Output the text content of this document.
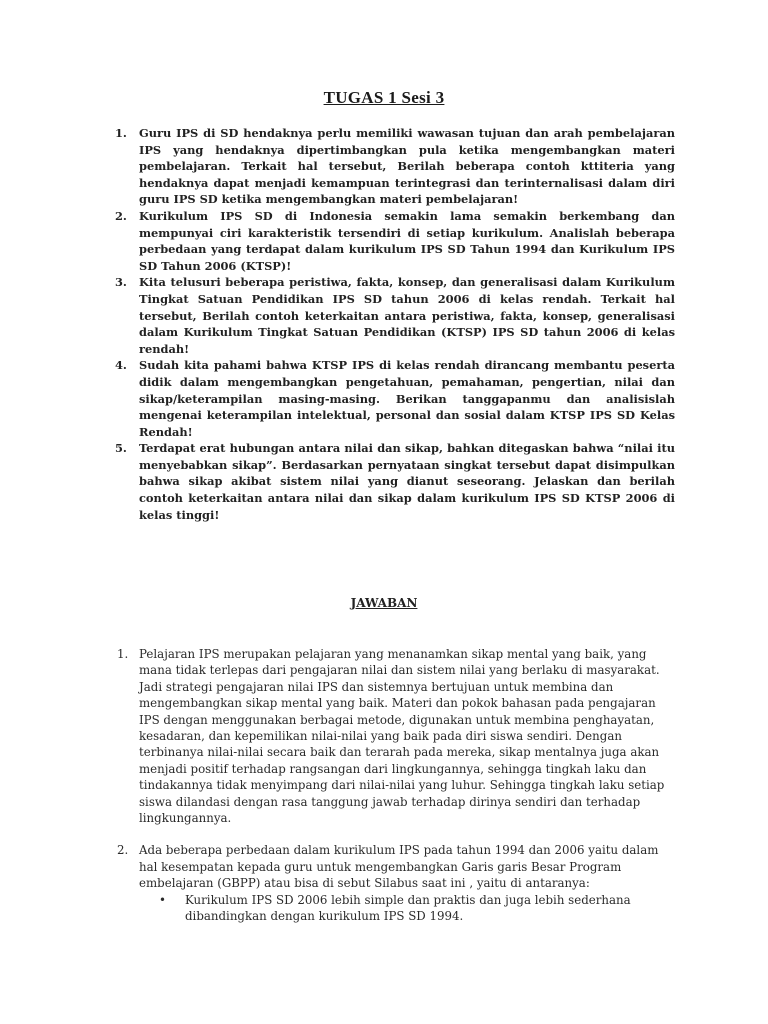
TUGAS 1 Sesi 3
1. Guru IPS di SD hendaknya perlu memiliki wawasan tujuan dan arah pembelajaran IPS yang hendaknya dipertimbangkan pula ketika mengembangkan materi pembelajaran. Terkait hal tersebut, Berilah beberapa contoh kttiteria yang hendaknya dapat menjadi kemampuan terintegrasi dan terinternalisasi dalam diri guru IPS SD ketika mengembangkan materi pembelajaran!
2. Kurikulum IPS SD di Indonesia semakin lama semakin berkembang dan mempunyai ciri karakteristik tersendiri di setiap kurikulum. Analislah beberapa perbedaan yang terdapat dalam kurikulum IPS SD Tahun 1994 dan Kurikulum IPS SD Tahun 2006 (KTSP)!
3. Kita telusuri beberapa peristiwa, fakta, konsep, dan generalisasi dalam Kurikulum Tingkat Satuan Pendidikan IPS SD tahun 2006 di kelas rendah. Terkait hal tersebut, Berilah contoh keterkaitan antara peristiwa, fakta, konsep, generalisasi dalam Kurikulum Tingkat Satuan Pendidikan (KTSP) IPS SD tahun 2006 di kelas rendah!
4. Sudah kita pahami bahwa KTSP IPS di kelas rendah dirancang membantu peserta didik dalam mengembangkan pengetahuan, pemahaman, pengertian, nilai dan sikap/keterampilan masing-masing. Berikan tanggapanmu dan analisislah mengenai keterampilan intelektual, personal dan sosial dalam KTSP IPS SD Kelas Rendah!
5. Terdapat erat hubungan antara nilai dan sikap, bahkan ditegaskan bahwa “nilai itu menyebabkan sikap”. Berdasarkan pernyataan singkat tersebut dapat disimpulkan bahwa sikap akibat sistem nilai yang dianut seseorang. Jelaskan dan berilah contoh keterkaitan antara nilai dan sikap dalam kurikulum IPS SD KTSP 2006 di kelas tinggi!
JAWABAN
1. Pelajaran IPS merupakan pelajaran yang menanamkan sikap mental yang baik, yang mana tidak terlepas dari pengajaran nilai dan sistem nilai yang berlaku di masyarakat. Jadi strategi pengajaran nilai IPS dan sistemnya bertujuan untuk membina dan mengembangkan sikap mental yang baik. Materi dan pokok bahasan pada pengajaran IPS dengan menggunakan berbagai metode, digunakan untuk membina penghayatan, kesadaran, dan kepemilikan nilai-nilai yang baik pada diri siswa sendiri. Dengan terbinanya nilai-nilai secara baik dan terarah pada mereka, sikap mentalnya juga akan menjadi positif terhadap rangsangan dari lingkungannya, sehingga tingkah laku dan tindakannya tidak menyimpang dari nilai-nilai yang luhur. Sehingga tingkah laku setiap siswa dilandasi dengan rasa tanggung jawab terhadap dirinya sendiri dan terhadap lingkungannya.
2. Ada beberapa perbedaan dalam kurikulum IPS pada tahun 1994 dan 2006 yaitu dalam hal kesempatan kepada guru untuk mengembangkan Garis garis Besar Program embelajaran (GBPP) atau bisa di sebut Silabus saat ini , yaitu di antaranya:
• Kurikulum IPS SD 2006 lebih simple dan praktis dan juga lebih sederhana dibandingkan dengan kurikulum IPS SD 1994.
